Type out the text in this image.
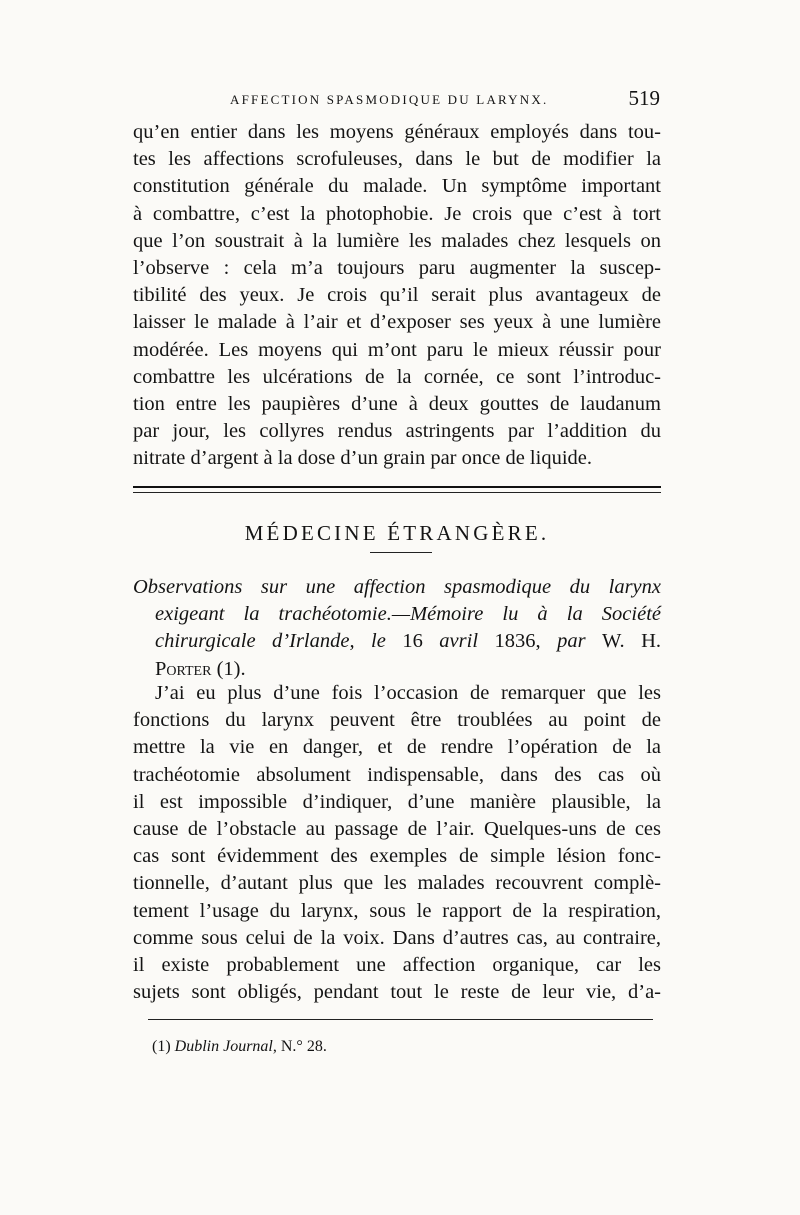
AFFECTION SPASMODIQUE DU LARYNX.	519
qu’en entier dans les moyens généraux employés dans tou-
tes les affections scrofuleuses, dans le but de modifier la
constitution générale du malade. Un symptôme important
à combattre, c’est la photophobie. Je crois que c’est à tort
que l’on soustrait à la lumière les malades chez lesquels on
l’observe : cela m’a toujours paru augmenter la suscep-
tibilité des yeux. Je crois qu’il serait plus avantageux de
laisser le malade à l’air et d’exposer ses yeux à une lumière
modérée. Les moyens qui m’ont paru le mieux réussir pour
combattre les ulcérations de la cornée, ce sont l’introduc-
tion entre les paupières d’une à deux gouttes de laudanum
par jour, les collyres rendus astringents par l’addition du
nitrate d’argent à la dose d’un grain par once de liquide.
MÉDECINE ÉTRANGÈRE.
Observations sur une affection spasmodique du larynx
exigeant la trachéotomie.—Mémoire lu à la Société
chirurgicale d’Irlande, le 16 avril 1836, par W. H.
Porter (1).
J’ai eu plus d’une fois l’occasion de remarquer que les
fonctions du larynx peuvent être troublées au point de
mettre la vie en danger, et de rendre l’opération de la
trachéotomie absolument indispensable, dans des cas où
il est impossible d’indiquer, d’une manière plausible, la
cause de l’obstacle au passage de l’air. Quelques-uns de ces
cas sont évidemment des exemples de simple lésion fonc-
tionnelle, d’autant plus que les malades recouvrent complè-
tement l’usage du larynx, sous le rapport de la respiration,
comme sous celui de la voix. Dans d’autres cas, au contraire,
il existe probablement une affection organique, car les
sujets sont obligés, pendant tout le reste de leur vie, d’a-
(1) Dublin Journal, N.° 28.
